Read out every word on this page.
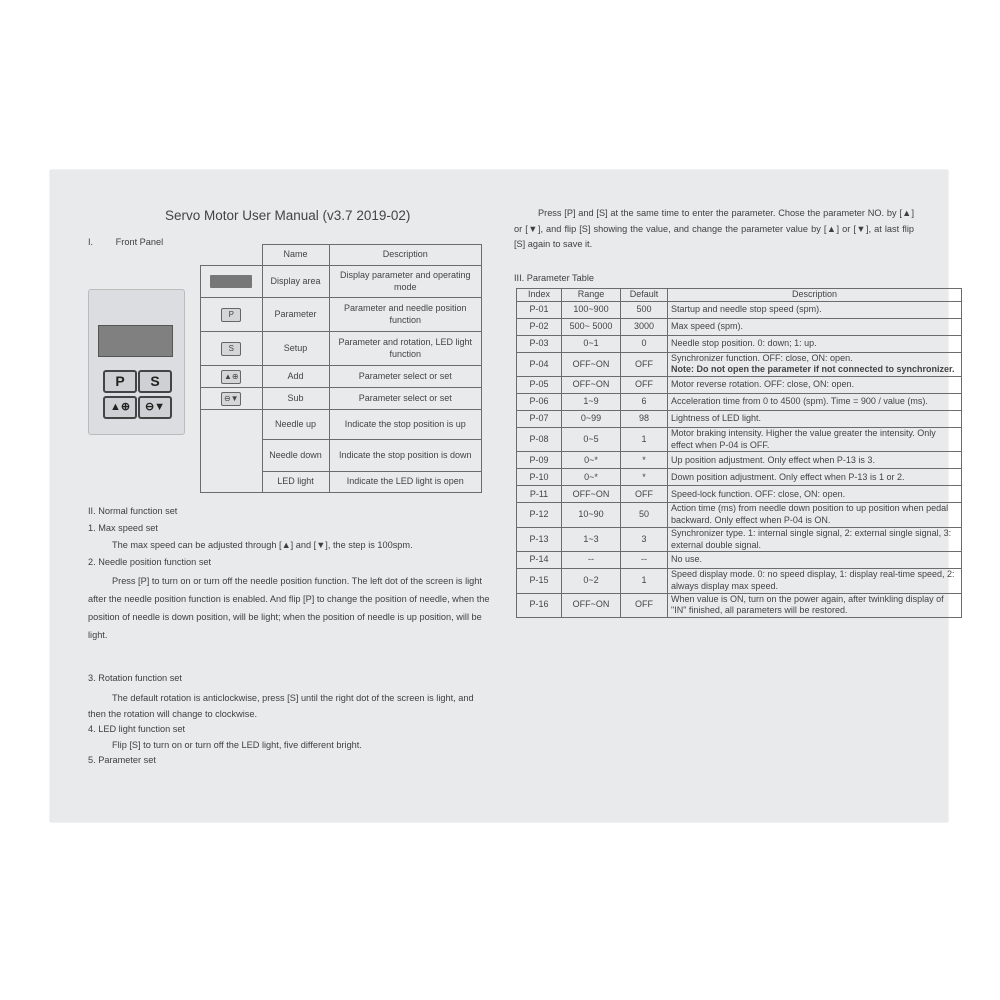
Servo Motor User Manual (v3.7 2019-02)
I. Front Panel
P	S
▲⊕	⊖▼
	Name	Description

	Display area	Display parameter and operating mode
P	Parameter	Parameter and needle position function
S	Setup	Parameter and rotation, LED light function
▲⊕	Add	Parameter select or set
⊖▼	Sub	Parameter select or set
	Needle up	Indicate the stop position is up
	Needle down	Indicate the stop position is down
	LED light	Indicate the LED light is open
II. Normal function set
1. Max speed set
The max speed can be adjusted through [▲] and [▼], the step is 100spm.
2. Needle position function set
Press [P] to turn on or turn off the needle position function. The left dot of the screen is light after the needle position function is enabled. And flip [P] to change the position of needle, when the position of needle is down position, will be light; when the position of needle is up position, will be light.
3. Rotation function set
The default rotation is anticlockwise, press [S] until the right dot of the screen is light, and then the rotation will change to clockwise.
4. LED light function set
Flip [S] to turn on or turn off the LED light, five different bright.
5. Parameter set
Press [P] and [S] at the same time to enter the parameter. Chose the parameter NO. by [▲] or [▼], and flip [S] showing the value, and change the parameter value by [▲] or [▼], at last flip [S] again to save it.
III. Parameter Table
Index	Range	Default	Description
P-01	100~900	500	Startup and needle stop speed (spm).
P-02	500~ 5000	3000	Max speed (spm).
P-03	0~1	0	Needle stop position. 0: down; 1: up.
P-04	OFF~ON	OFF	Synchronizer function. OFF: close, ON: open.
Note: Do not open the parameter if not connected to synchronizer.

P-05	OFF~ON	OFF	Motor reverse rotation. OFF: close, ON: open.
P-06	1~9	6	Acceleration time from 0 to 4500 (spm). Time = 900 / value (ms).
P-07	0~99	98	Lightness of LED light.
P-08	0~5	1	Motor braking intensity. Higher the value greater the intensity. Only effect when P-04 is OFF.
P-09	0~*	*	Up position adjustment. Only effect when P-13 is 3.
P-10	0~*	*	Down position adjustment. Only effect when P-13 is 1 or 2.
P-11	OFF~ON	OFF	Speed-lock function. OFF: close, ON: open.
P-12	10~90	50	Action time (ms) from needle down position to up position when pedal backward. Only effect when P-04 is ON.
P-13	1~3	3	Synchronizer type. 1: internal single signal, 2: external single signal, 3: external double signal.
P-14	--	--	No use.
P-15	0~2	1	Speed display mode. 0: no speed display, 1: display real-time speed, 2: always display max speed.
P-16	OFF~ON	OFF	When value is ON, turn on the power again, after twinkling display of "IN" finished, all parameters will be restored.
